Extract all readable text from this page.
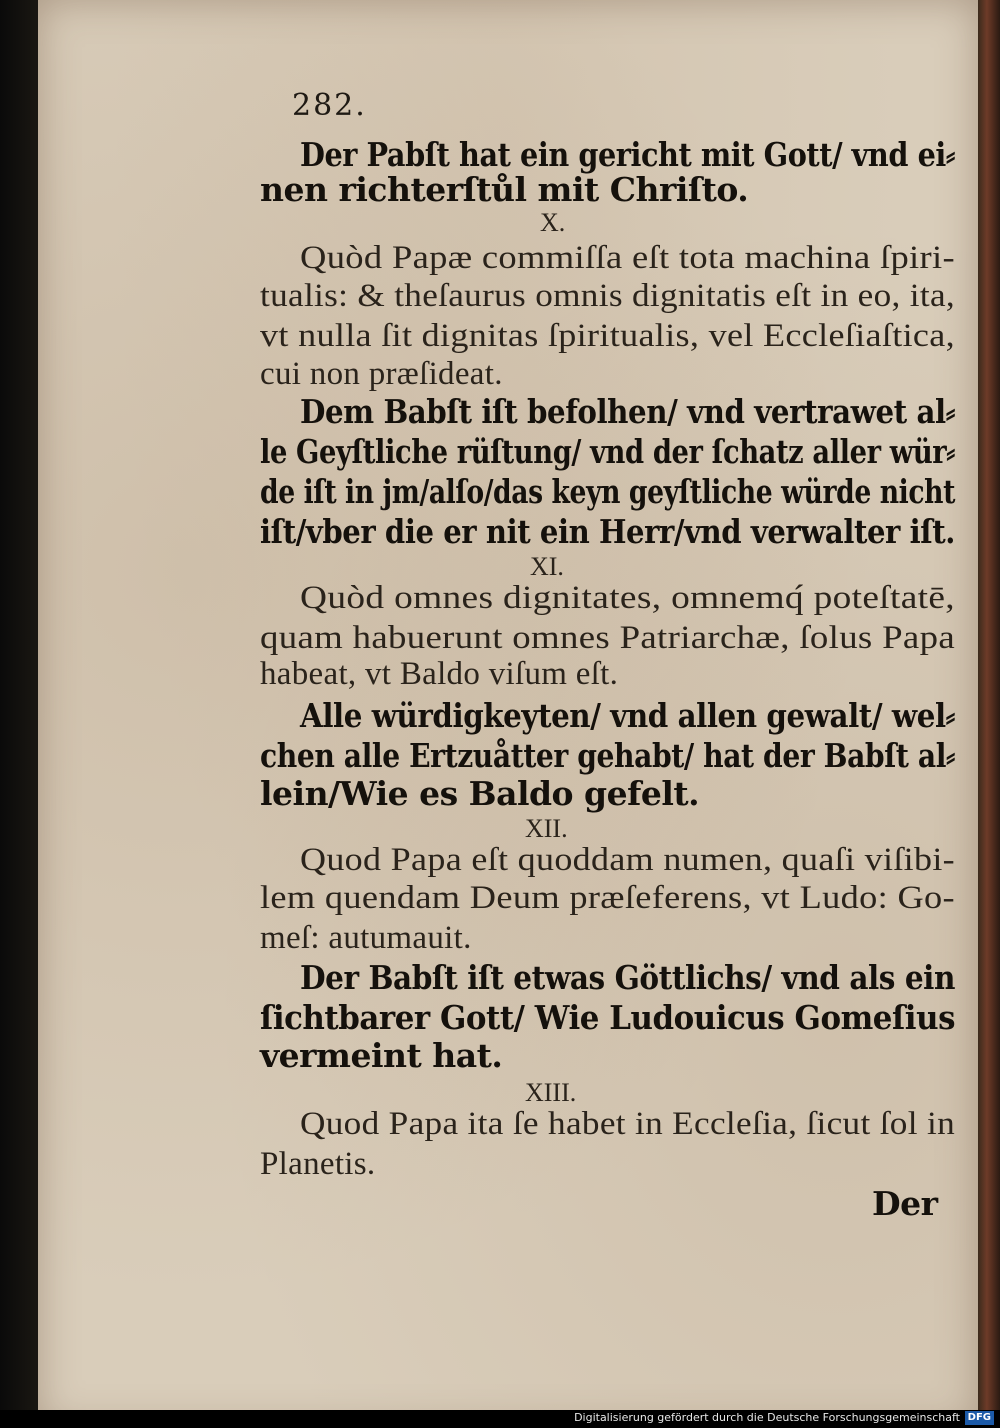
282.
Der Pabſt hat ein gericht mit Gott/ vnd ei⸗
nen richterſtůl mit Chriſto.
X.
Quòd Papæ commiſſa eſt tota machina ſpiri-
tualis: & theſaurus omnis dignitatis eſt in eo, ita,
vt nulla ſit dignitas ſpiritualis, vel Eccleſiaſtica,
cui non præſideat.
Dem Babſt iſt befolhen/ vnd vertrawet al⸗
le Geyſtliche rüſtung/ vnd der ſchatz aller wür⸗
de iſt in jm/alſo/das keyn geyſtliche würde nicht
iſt/vber die er nit ein Herr/vnd verwalter iſt.
XI.
Quòd omnes dignitates, omnemq́ poteſtatē,
quam habuerunt omnes Patriarchæ, ſolus Papa
habeat, vt Baldo viſum eſt.
Alle würdigkeyten/ vnd allen gewalt/ wel⸗
chen alle Ertzuåtter gehabt/ hat der Babſt al⸗
lein/Wie es Baldo gefelt.
XII.
Quod Papa eſt quoddam numen, quaſi viſibi-
lem quendam Deum præſeferens, vt Ludo: Go-
meſ: autumauit.
Der Babſt iſt etwas Göttlichs/ vnd als ein
ſichtbarer Gott/ Wie Ludouicus Gomeſius
vermeint hat.
XIII.
Quod Papa ita ſe habet in Eccleſia, ſicut ſol in
Planetis.
Der
Digitalisierung gefördert durch die Deutsche Forschungsgemeinschaft DFG
